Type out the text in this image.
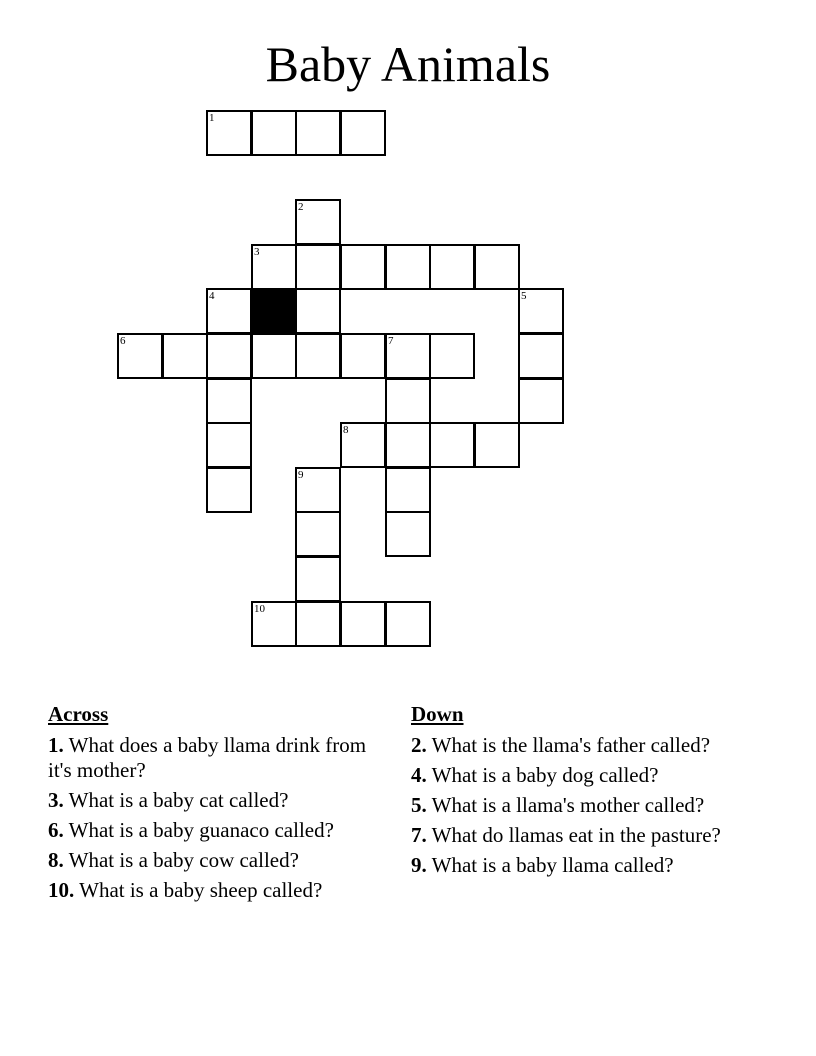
Baby Animals
1
2
3
4	5
6	7
8
9
10
Across
1. What does a baby llama drink from it's mother?
3. What is a baby cat called?
6. What is a baby guanaco called?
8. What is a baby cow called?
10. What is a baby sheep called?
Down
2. What is the llama's father called?
4. What is a baby dog called?
5. What is a llama's mother called?
7. What do llamas eat in the pasture?
9. What is a baby llama called?
